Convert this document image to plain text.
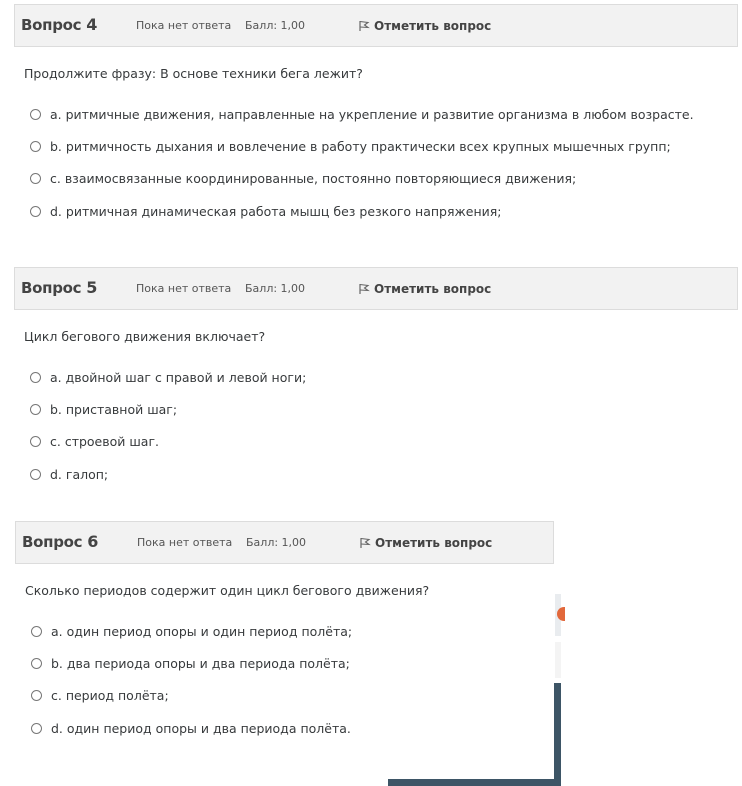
Вопрос 4	Пока нет ответа Балл: 1,00	Отметить вопрос
Продолжите фразу: В основе техники бега лежит?
a. ритмичные движения, направленные на укрепление и развитие организма в любом возрасте.
b. ритмичность дыхания и вовлечение в работу практически всех крупных мышечных групп;
c. взаимосвязанные координированные, постоянно повторяющиеся движения;
d. ритмичная динамическая работа мышц без резкого напряжения;
Вопрос 5	Пока нет ответа Балл: 1,00	Отметить вопрос
Цикл бегового движения включает?
a. двойной шаг с правой и левой ноги;
b. приставной шаг;
c. строевой шаг.
d. галоп;
Вопрос 6	Пока нет ответа Балл: 1,00	Отметить вопрос
Сколько периодов содержит один цикл бегового движения?
a. один период опоры и один период полёта;
b. два периода опоры и два периода полёта;
c. период полёта;
d. один период опоры и два периода полёта.
